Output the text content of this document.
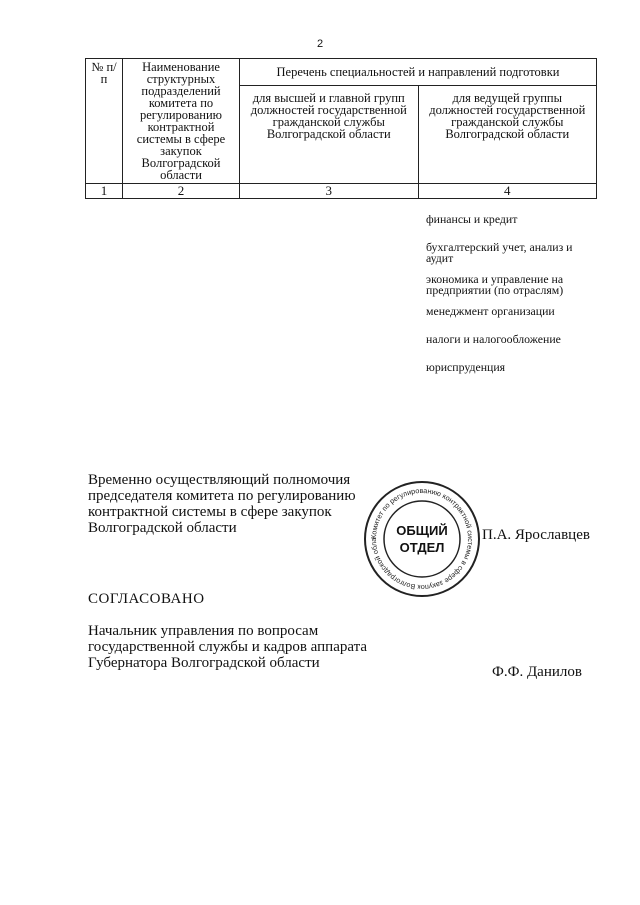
2
№ п/п	Наименование структурных подразделений комитета по регулированию контрактной системы в сфере закупок Волгоградской области	Перечень специальностей и направлений подготовки	
		для высшей и главной групп должностей государственной гражданской службы Волгоградской области	для ведущей группы должностей государственной гражданской службы Волгоградской области
1	2	3	4
финансы и кредит
бухгалтерский учет, анализ и аудит
экономика и управление на предприятии (по отраслям)
менеджмент организации
налоги и налогообложение
юриспруденция
Временно осуществляющий полномочия председателя комитета по регулированию контрактной системы в сфере закупок Волгоградской области
Комитет по регулированию контрактной системы в сфере закупок Волгоградской обла
ОБЩИЙ
ОТДЕЛ
П.А. Ярославцев
СОГЛАСОВАНО
Начальник управления по вопросам государственной службы и кадров аппарата Губернатора Волгоградской области
Ф.Ф. Данилов
